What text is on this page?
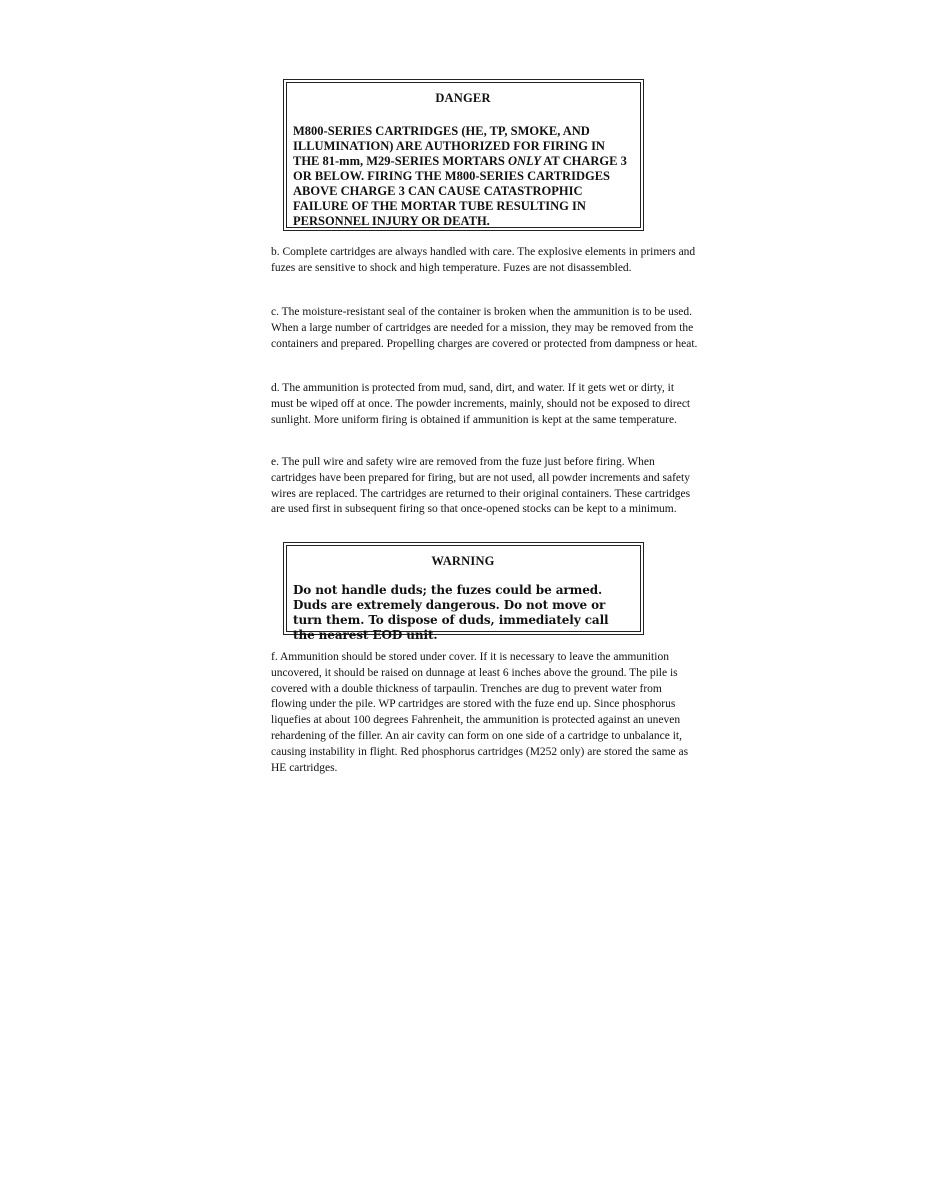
DANGER
M800-SERIES CARTRIDGES (HE, TP, SMOKE, AND ILLUMINATION) ARE AUTHORIZED FOR FIRING IN THE 81-mm, M29-SERIES MORTARS ONLY AT CHARGE 3 OR BELOW. FIRING THE M800-SERIES CARTRIDGES ABOVE CHARGE 3 CAN CAUSE CATASTROPHIC FAILURE OF THE MORTAR TUBE RESULTING IN PERSONNEL INJURY OR DEATH.

b. Complete cartridges are always handled with care. The explosive elements in primers and fuzes are sensitive to shock and high temperature. Fuzes are not disassembled.

c. The moisture-resistant seal of the container is broken when the ammunition is to be used. When a large number of cartridges are needed for a mission, they may be removed from the containers and prepared. Propelling charges are covered or protected from dampness or heat.

d. The ammunition is protected from mud, sand, dirt, and water. If it gets wet or dirty, it must be wiped off at once. The powder increments, mainly, should not be exposed to direct sunlight. More uniform firing is obtained if ammunition is kept at the same temperature.

e. The pull wire and safety wire are removed from the fuze just before firing. When cartridges have been prepared for firing, but are not used, all powder increments and safety wires are replaced. The cartridges are returned to their original containers. These cartridges are used first in subsequent firing so that once-opened stocks can be kept to a minimum.

WARNING
Do not handle duds; the fuzes could be armed. Duds are extremely dangerous. Do not move or turn them. To dispose of duds, immediately call the nearest EOD unit.

f. Ammunition should be stored under cover. If it is necessary to leave the ammunition uncovered, it should be raised on dunnage at least 6 inches above the ground. The pile is covered with a double thickness of tarpaulin. Trenches are dug to prevent water from flowing under the pile. WP cartridges are stored with the fuze end up. Since phosphorus liquefies at about 100 degrees Fahrenheit, the ammunition is protected against an uneven rehardening of the filler. An air cavity can form on one side of a cartridge to unbalance it, causing instability in flight. Red phosphorus cartridges (M252 only) are stored the same as HE cartridges.
